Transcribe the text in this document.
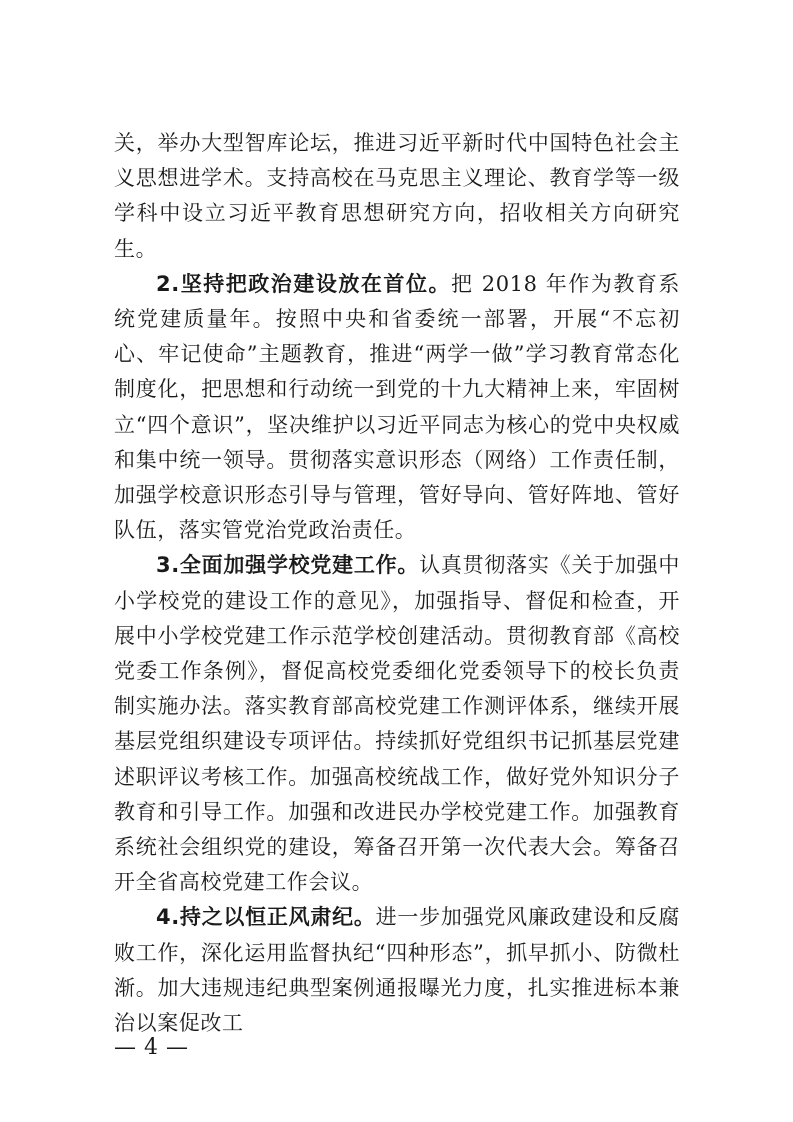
关，举办大型智库论坛，推进习近平新时代中国特色社会主义思想进学术。支持高校在马克思主义理论、教育学等一级学科中设立习近平教育思想研究方向，招收相关方向研究生。

2.坚持把政治建设放在首位。把 2018 年作为教育系统党建质量年。按照中央和省委统一部署，开展“不忘初心、牢记使命”主题教育，推进“两学一做”学习教育常态化制度化，把思想和行动统一到党的十九大精神上来，牢固树立“四个意识”，坚决维护以习近平同志为核心的党中央权威和集中统一领导。贯彻落实意识形态（网络）工作责任制，加强学校意识形态引导与管理，管好导向、管好阵地、管好队伍，落实管党治党政治责任。

3.全面加强学校党建工作。认真贯彻落实《关于加强中小学校党的建设工作的意见》，加强指导、督促和检查，开展中小学校党建工作示范学校创建活动。贯彻教育部《高校党委工作条例》，督促高校党委细化党委领导下的校长负责制实施办法。落实教育部高校党建工作测评体系，继续开展基层党组织建设专项评估。持续抓好党组织书记抓基层党建述职评议考核工作。加强高校统战工作，做好党外知识分子教育和引导工作。加强和改进民办学校党建工作。加强教育系统社会组织党的建设，筹备召开第一次代表大会。筹备召开全省高校党建工作会议。

4.持之以恒正风肃纪。进一步加强党风廉政建设和反腐败工作，深化运用监督执纪“四种形态”，抓早抓小、防微杜渐。加大违规违纪典型案例通报曝光力度，扎实推进标本兼治以案促改工

— 4 —
